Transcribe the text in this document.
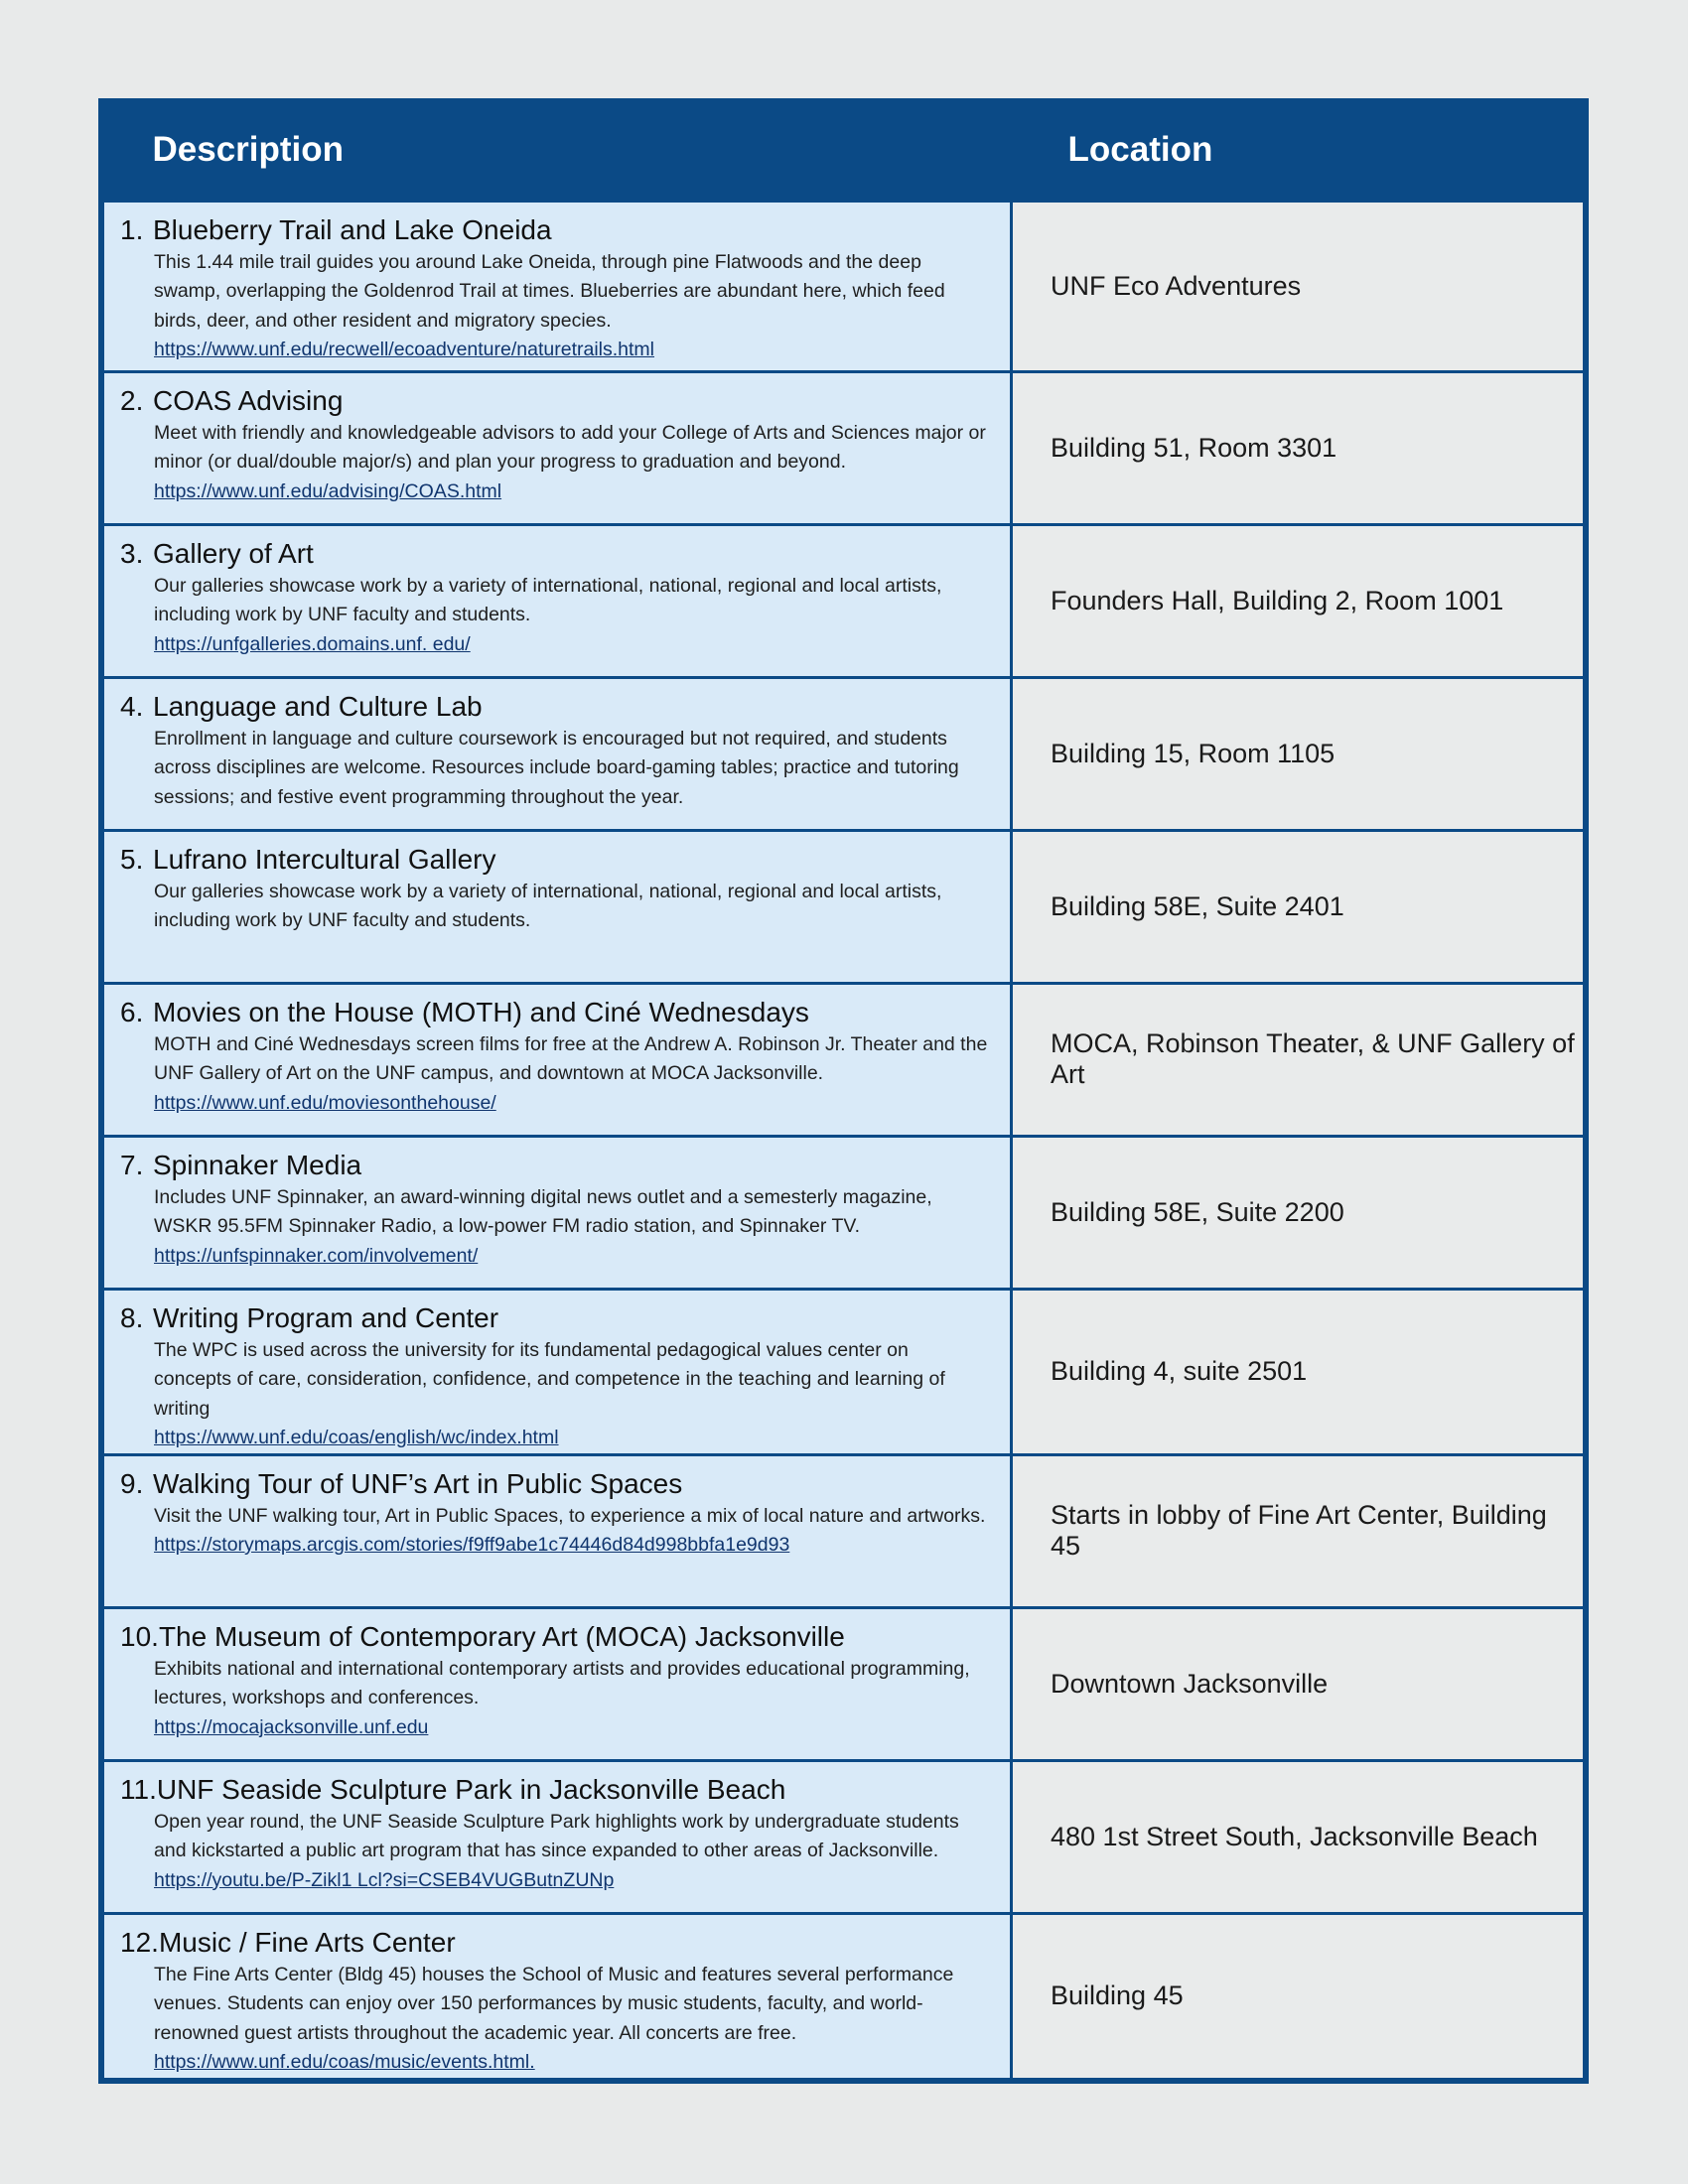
Description	Location

1. Blueberry Trail and Lake Oneida

This 1.44 mile trail guides you around Lake Oneida, through pine Flatwoods and the deep swamp, overlapping the Goldenrod Trail at times. Blueberries are abundant here, which feed birds, deer, and other resident and migratory species.

https://www.unf.edu/recwell/ecoadventure/naturetrails.html	UNF Eco Adventures

2. COAS Advising

Meet with friendly and knowledgeable advisors to add your College of Arts and Sciences major or minor (or dual/double major/s) and plan your progress to graduation and beyond.

https://www.unf.edu/advising/COAS.html	Building 51, Room 3301

3. Gallery of Art

Our galleries showcase work by a variety of international, national, regional and local artists, including work by UNF faculty and students.

https://unfgalleries.domains.unf. edu/	Founders Hall, Building 2, Room 1001

4. Language and Culture Lab

Enrollment in language and culture coursework is encouraged but not required, and students across disciplines are welcome. Resources include board-gaming tables; practice and tutoring sessions; and festive event programming throughout the year.	Building 15, Room 1105

5. Lufrano Intercultural Gallery

Our galleries showcase work by a variety of international, national, regional and local artists, including work by UNF faculty and students.	Building 58E, Suite 2401

6. Movies on the House (MOTH) and Ciné Wednesdays

MOTH and Ciné Wednesdays screen films for free at the Andrew A. Robinson Jr. Theater and the UNF Gallery of Art on the UNF campus, and downtown at MOCA Jacksonville.

https://www.unf.edu/moviesonthehouse/	MOCA, Robinson Theater, & UNF Gallery of Art

7. Spinnaker Media

Includes UNF Spinnaker, an award-winning digital news outlet and a semesterly magazine, WSKR 95.5FM Spinnaker Radio, a low-power FM radio station, and Spinnaker TV.

https://unfspinnaker.com/involvement/	Building 58E, Suite 2200

8. Writing Program and Center

The WPC is used across the university for its fundamental pedagogical values center on concepts of care, consideration, confidence, and competence in the teaching and learning of writing

https://www.unf.edu/coas/english/wc/index.html	Building 4, suite 2501

9. Walking Tour of UNF’s Art in Public Spaces

Visit the UNF walking tour, Art in Public Spaces, to experience a mix of local nature and artworks.

https://storymaps.arcgis.com/stories/f9ff9abe1c74446d84d998bbfa1e9d93	Starts in lobby of Fine Art Center, Building 45

10. The Museum of Contemporary Art (MOCA) Jacksonville

Exhibits national and international contemporary artists and provides educational programming, lectures, workshops and conferences.

https://mocajacksonville.unf.edu	Downtown Jacksonville

11. UNF Seaside Sculpture Park in Jacksonville Beach

Open year round, the UNF Seaside Sculpture Park highlights work by undergraduate students and kickstarted a public art program that has since expanded to other areas of Jacksonville.

https://youtu.be/P-Zikl1 Lcl?si=CSEB4VUGButnZUNp	480 1st Street South, Jacksonville Beach

12. Music / Fine Arts Center

The Fine Arts Center (Bldg 45) houses the School of Music and features several performance venues. Students can enjoy over 150 performances by music students, faculty, and world-renowned guest artists throughout the academic year. All concerts are free.

https://www.unf.edu/coas/music/events.html.	Building 45
